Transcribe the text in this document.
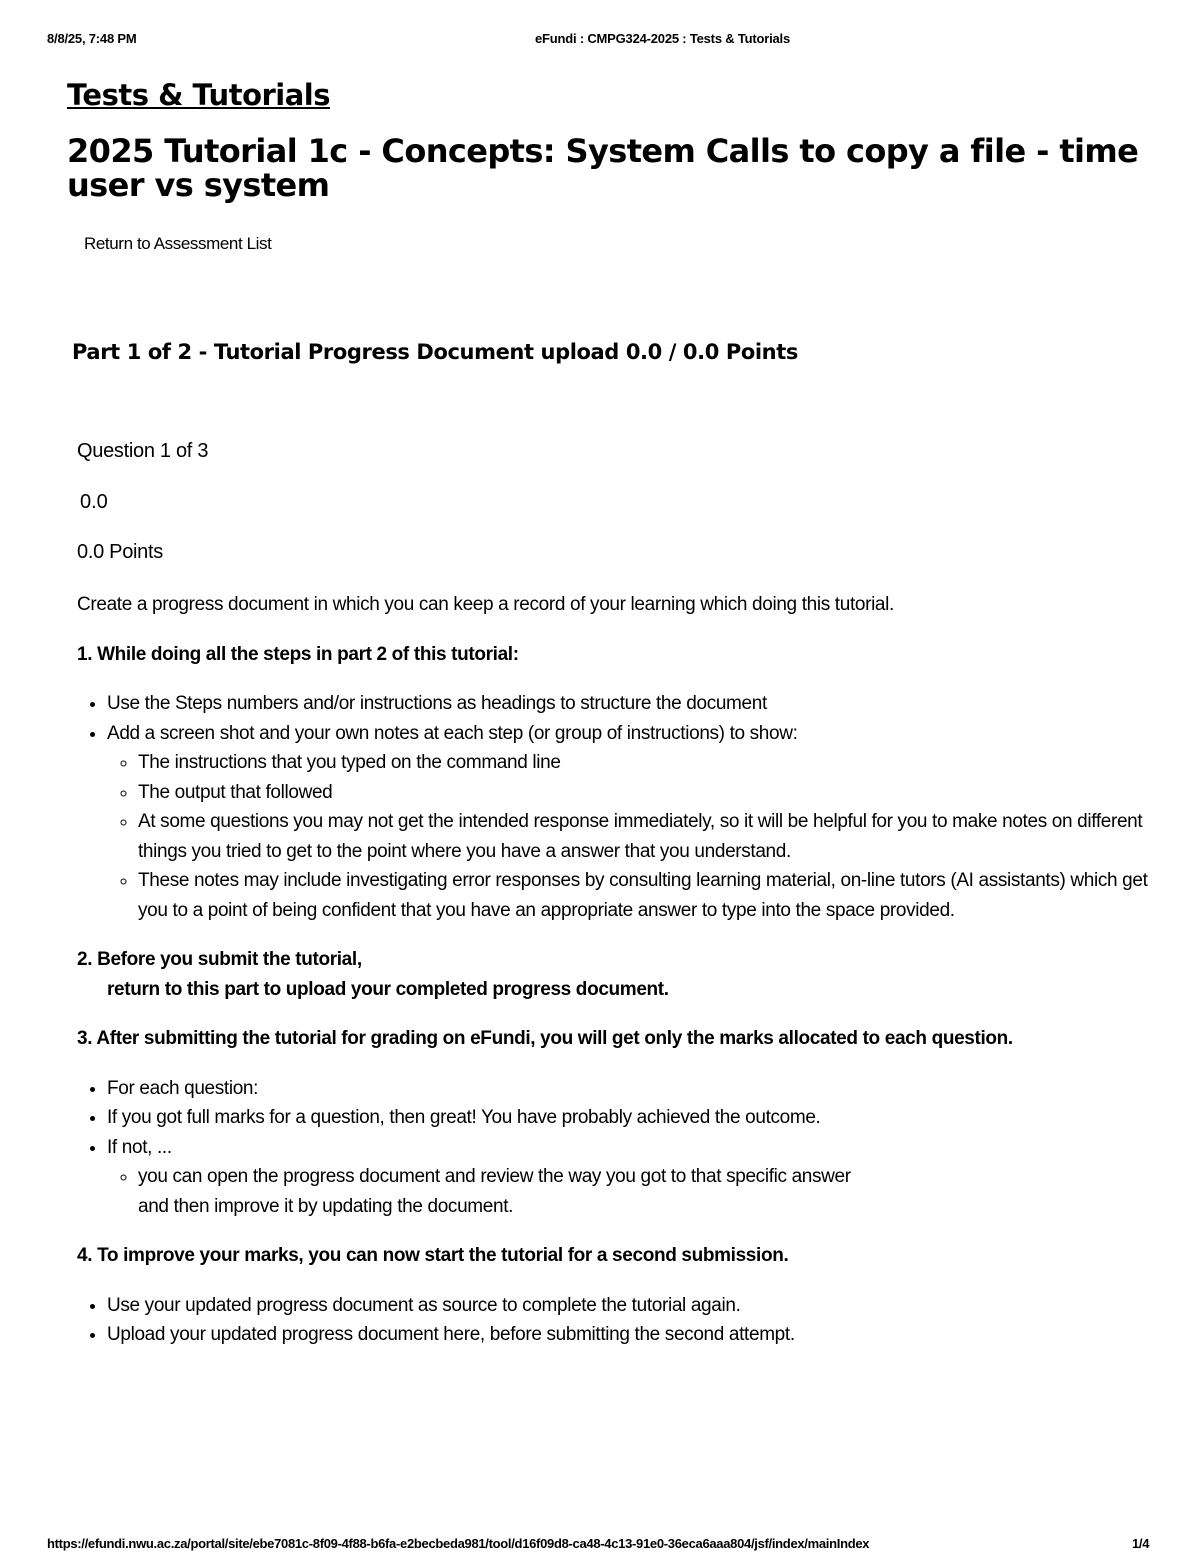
8/8/25, 7:48 PM	eFundi : CMPG324-2025 : Tests & Tutorials
Tests & Tutorials
2025 Tutorial 1c - Concepts: System Calls to copy a file - time user vs system
Return to Assessment List
Part 1 of 2 - Tutorial Progress Document upload 0.0 / 0.0 Points
Question 1 of 3
0.0
0.0 Points

Create a progress document in which you can keep a record of your learning which doing this tutorial.

1. While doing all the steps in part 2 of this tutorial:

• Use the Steps numbers and/or instructions as headings to structure the document
• Add a screen shot and your own notes at each step (or group of instructions) to show:
◦ The instructions that you typed on the command line
◦ The output that followed
◦ At some questions you may not get the intended response immediately, so it will be helpful for you to make notes on different things you tried to get to the point where you have a answer that you understand.
◦ These notes may include investigating error responses by consulting learning material, on-line tutors (AI assistants) which get you to a point of being confident that you have an appropriate answer to type into the space provided.

2. Before you submit the tutorial,

return to this part to upload your completed progress document.

3. After submitting the tutorial for grading on eFundi, you will get only the marks allocated to each question.

• For each question:
• If you got full marks for a question, then great! You have probably achieved the outcome.
• If not, ...
◦ you can open the progress document and review the way you got to that specific answer
and then improve it by updating the document.

4. To improve your marks, you can now start the tutorial for a second submission.

• Use your updated progress document as source to complete the tutorial again.
• Upload your updated progress document here, before submitting the second attempt.
https://efundi.nwu.ac.za/portal/site/ebe7081c-8f09-4f88-b6fa-e2becbeda981/tool/d16f09d8-ca48-4c13-91e0-36eca6aaa804/jsf/index/mainIndex	1/4
